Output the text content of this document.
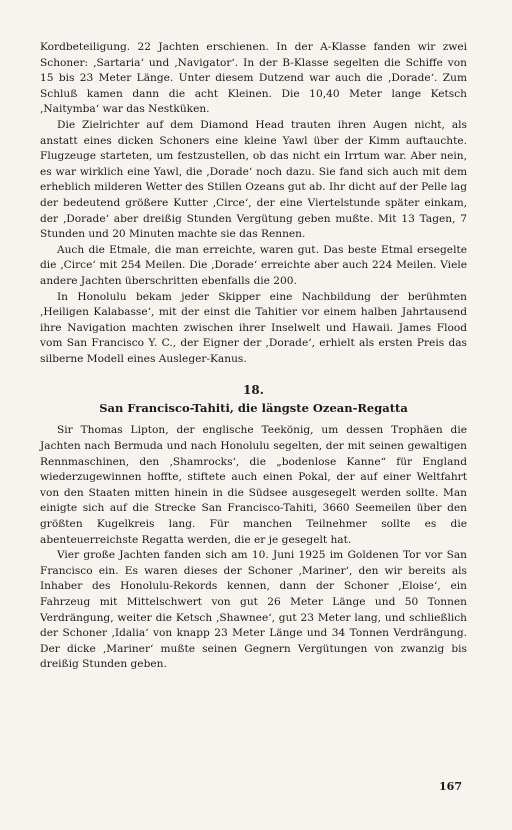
Kordbeteiligung. 22 Jachten erschienen. In der A-Klasse fanden wir zwei Schoner: ‚Sartaria‘ und ‚Navigator‘. In der B-Klasse segelten die Schiffe von 15 bis 23 Meter Länge. Unter diesem Dutzend war auch die ‚Dorade‘. Zum Schluß kamen dann die acht Kleinen. Die 10,40 Meter lange Ketsch ‚Naitymba‘ war das Nestküken.

Die Zielrichter auf dem Diamond Head trauten ihren Augen nicht, als anstatt eines dicken Schoners eine kleine Yawl über der Kimm auftauchte. Flugzeuge starteten, um festzustellen, ob das nicht ein Irrtum war. Aber nein, es war wirklich eine Yawl, die ‚Dorade‘ noch dazu. Sie fand sich auch mit dem erheblich milderen Wetter des Stillen Ozeans gut ab. Ihr dicht auf der Pelle lag der bedeutend größere Kutter ‚Circe‘, der eine Viertelstunde später einkam, der ‚Dorade‘ aber dreißig Stunden Vergütung geben mußte. Mit 13 Tagen, 7 Stunden und 20 Minuten machte sie das Rennen.

Auch die Etmale, die man erreichte, waren gut. Das beste Etmal ersegelte die ‚Circe‘ mit 254 Meilen. Die ‚Dorade‘ erreichte aber auch 224 Meilen. Viele andere Jachten überschritten ebenfalls die 200.

In Honolulu bekam jeder Skipper eine Nachbildung der berühmten ‚Heiligen Kalabasse‘, mit der einst die Tahitier vor einem halben Jahrtausend ihre Navigation machten zwischen ihrer Inselwelt und Hawaii. James Flood vom San Francisco Y. C., der Eigner der ‚Dorade‘, erhielt als ersten Preis das silberne Modell eines Ausleger-Kanus.

18.
San Francisco-Tahiti, die längste Ozean-Regatta

Sir Thomas Lipton, der englische Teekönig, um dessen Trophäen die Jachten nach Bermuda und nach Honolulu segelten, der mit seinen gewaltigen Rennmaschinen, den ‚Shamrocks‘, die „bodenlose Kanne“ für England wiederzugewinnen hoffte, stiftete auch einen Pokal, der auf einer Weltfahrt von den Staaten mitten hinein in die Südsee ausgesegelt werden sollte. Man einigte sich auf die Strecke San Francisco-Tahiti, 3660 Seemeilen über den größten Kugelkreis lang. Für manchen Teilnehmer sollte es die abenteuerreichste Regatta werden, die er je gesegelt hat.

Vier große Jachten fanden sich am 10. Juni 1925 im Goldenen Tor vor San Francisco ein. Es waren dieses der Schoner ‚Mariner‘, den wir bereits als Inhaber des Honolulu-Rekords kennen, dann der Schoner ‚Eloise‘, ein Fahrzeug mit Mittelschwert von gut 26 Meter Länge und 50 Tonnen Verdrängung, weiter die Ketsch ‚Shawnee‘, gut 23 Meter lang, und schließlich der Schoner ‚Idalia‘ von knapp 23 Meter Länge und 34 Tonnen Verdrängung. Der dicke ‚Mariner‘ mußte seinen Gegnern Vergütungen von zwanzig bis dreißig Stunden geben.

167
